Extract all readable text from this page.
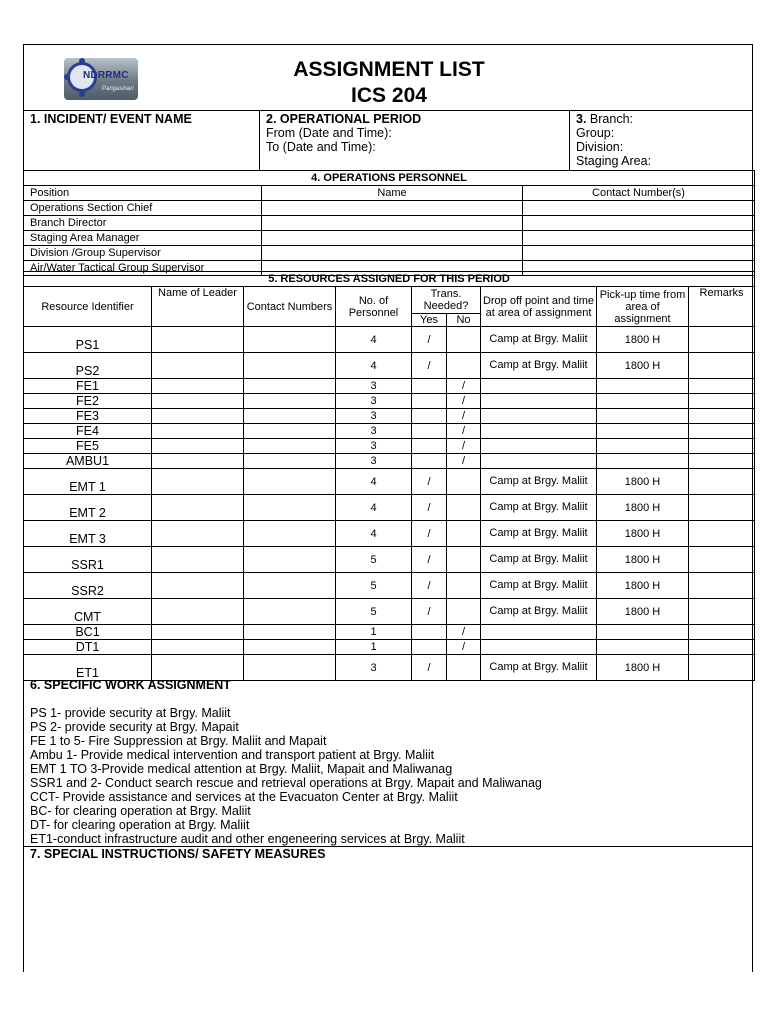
NDRRMC
Pangasinan
ASSIGNMENT LIST
ICS 204
1. INCIDENT/ EVENT NAME	2. OPERATIONAL PERIOD
From (Date and Time):
To (Date and Time):
3. Branch:
Group:
Division:
Staging Area:
4. OPERATIONS PERSONNEL		
Position	Name	Contact Number(s)
Operations Section Chief		
Branch Director		
Staging Area Manager		
Division /Group Supervisor		
Air/Water Tactical Group Supervisor		
5. RESOURCES ASSIGNED FOR THIS PERIOD								
Resource Identifier	Name of Leader	Contact Numbers	No. of Personnel	Trans. Needed?		Drop off point and time at area of assignment	Pick-up time from area of assignment	Remarks
				Yes	No			
PS1			4	/		Camp at Brgy. Maliit	1800 H	
PS2			4	/		Camp at Brgy. Maliit	1800 H	
FE1			3		/			
FE2			3		/			
FE3			3		/			
FE4			3		/			
FE5			3		/			
AMBU1			3		/			
EMT 1			4	/		Camp at Brgy. Maliit	1800 H	
EMT 2			4	/		Camp at Brgy. Maliit	1800 H	
EMT 3			4	/		Camp at Brgy. Maliit	1800 H	
SSR1			5	/		Camp at Brgy. Maliit	1800 H	
SSR2			5	/		Camp at Brgy. Maliit	1800 H	
CMT			5	/		Camp at Brgy. Maliit	1800 H	
BC1			1		/			
DT1			1		/			
ET1			3	/		Camp at Brgy. Maliit	1800 H	
6. SPECIFIC WORK ASSIGNMENT
PS 1- provide security at Brgy. Maliit
PS 2- provide security at Brgy. Mapait
FE 1 to 5- Fire Suppression at Brgy. Maliit and Mapait
Ambu 1- Provide medical intervention and transport patient at Brgy. Maliit
EMT 1 TO 3-Provide medical attention at Brgy. Maliit, Mapait and Maliwanag
SSR1 and 2- Conduct search rescue and retrieval operations at Brgy. Mapait and Maliwanag
CCT- Provide assistance and services at the Evacuaton Center at Brgy. Maliit
BC- for clearing operation at Brgy. Maliit
DT- for clearing operation at Brgy. Maliit
ET1-conduct infrastructure audit and other engeneering services at Brgy. Maliit
7. SPECIAL INSTRUCTIONS/ SAFETY MEASURES
